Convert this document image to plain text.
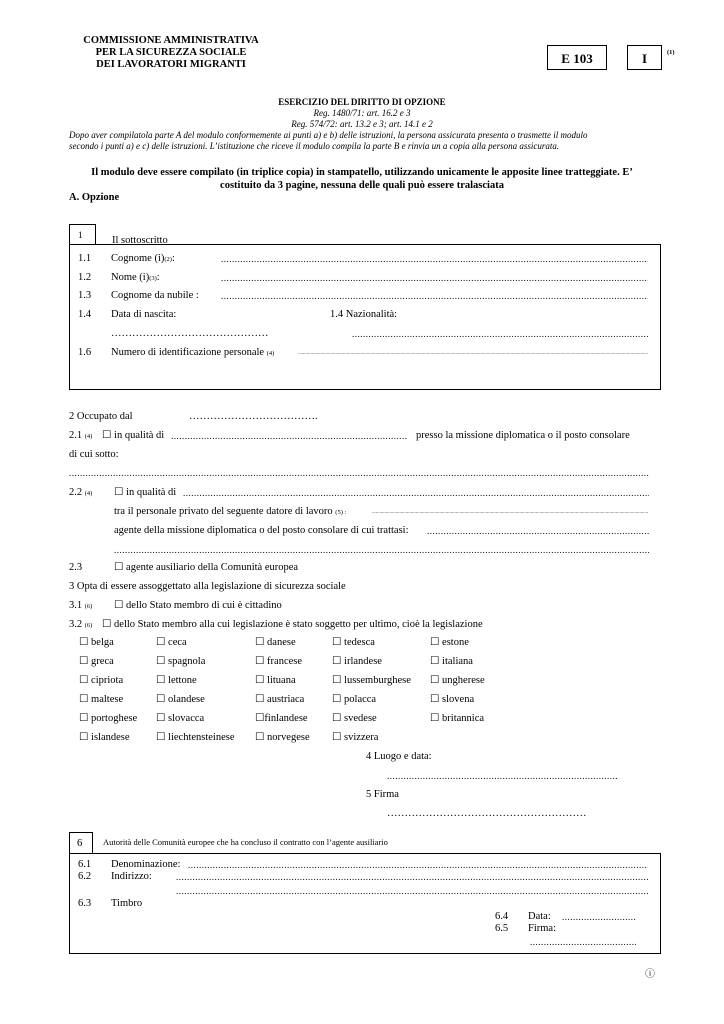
COMMISSIONE AMMINISTRATIVA
PER LA SICUREZZA SOCIALE
DEI LAVORATORI MIGRANTI	E 103	I	(1)
ESERCIZIO DEL DIRITTO DI OPZIONE
Reg. 1480/71: art. 16.2 e 3
Reg. 574/72: art. 13.2 e 3; art. 14.1 e 2
Dopo aver compilatola parte A del modulo conformemente ai punti a) e b) delle istruzioni, la persona assicurata presenta o trasmette il modulo
secondo i punti a) e c) delle istruzioni. L’istituzione che riceve il modulo compila la parte B e rinvia un a copia alla persona assicurata.
Il modulo deve essere compilato (in triplice copia) in stampatello, utilizzando unicamente le apposite linee tratteggiate. E’
costituito da 3 pagine, nessuna delle quali può essere tralasciata
A. Opzione
1	Il sottoscritto
1.1 Cognome (i)(2):
.....
1.2 Nome (i)(3):
.....
1.3 Cognome da nubile :
.....
1.4 Data di nascita:	1.4 Nazionalità:
………………………………………
.....
1.6 Numero di identificazione personale (4)
.....
2 Occupato dal	……………………………….
2.1 (4) ☐ in qualità di
.....	presso la missione diplomatica o il posto consolare
di cui sotto:
.....
2.2 (4) ☐ in qualità di
.....
tra il personale privato del seguente datore di lavoro (5) :
.....
agente della missione diplomatica o del posto consolare di cui trattasi:
.....
.....
2.3	☐ agente ausiliario della Comunità europea
3 Opta di essere assoggettato alla legislazione di sicurezza sociale
3.1 (6) ☐ dello Stato membro di cui è cittadino
3.2 (6) ☐ dello Stato membro alla cui legislazione è stato soggetto per ultimo, cioè la legislazione
☐ belga	☐ ceca	☐ danese	☐ tedesca	☐ estone
☐ greca	☐ spagnola	☐ francese	☐ irlandese	☐ italiana
☐ cipriota	☐ lettone	☐ lituana	☐ lussemburghese ☐ ungherese
☐ maltese	☐ olandese	☐ austriaca	☐ polacca	☐ slovena
☐ portoghese ☐ slovacca	☐finlandese ☐ svedese	☐ britannica
☐ islandese	☐ liechtensteinese ☐ norvegese ☐ svizzera
4 Luogo e data:
.....
5 Firma
…………………………………………………
6 Autorità delle Comunità europee che ha concluso il contratto con l’agente ausiliario
6.1 Denominazione:
.....
6.2 Indirizzo:
.....
.....
6.3 Timbro
6.4 Data:
.....
6.5 Firma:
.....
ⓘ
